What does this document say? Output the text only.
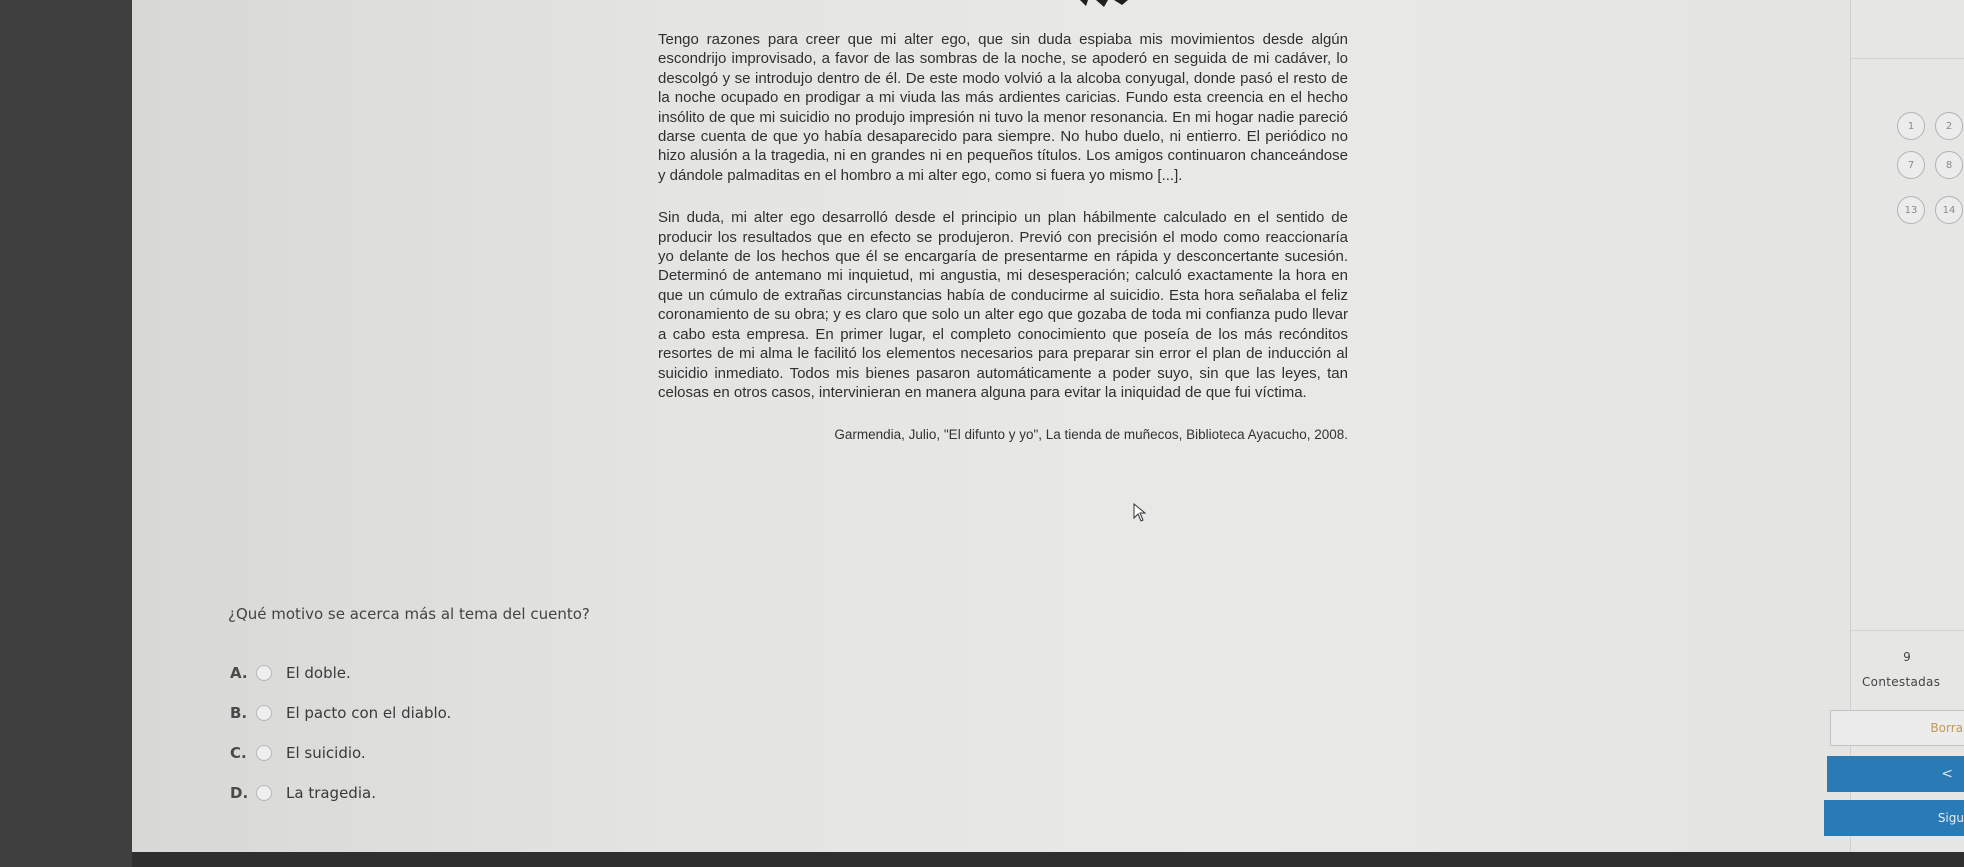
Tengo razones para creer que mi alter ego, que sin duda espiaba mis movimientos desde algún escondrijo improvisado, a favor de las sombras de la noche, se apoderó en seguida de mi cadáver, lo descolgó y se introdujo dentro de él. De este modo volvió a la alcoba conyugal, donde pasó el resto de la noche ocupado en prodigar a mi viuda las más ardientes caricias. Fundo esta creencia en el hecho insólito de que mi suicidio no produjo impresión ni tuvo la menor resonancia. En mi hogar nadie pareció darse cuenta de que yo había desaparecido para siempre. No hubo duelo, ni entierro. El periódico no hizo alusión a la tragedia, ni en grandes ni en pequeños títulos. Los amigos continuaron chanceándose y dándole palmaditas en el hombro a mi alter ego, como si fuera yo mismo [...].

Sin duda, mi alter ego desarrolló desde el principio un plan hábilmente calculado en el sentido de producir los resultados que en efecto se produjeron. Previó con precisión el modo como reaccionaría yo delante de los hechos que él se encargaría de presentarme en rápida y desconcertante sucesión. Determinó de antemano mi inquietud, mi angustia, mi desesperación; calculó exactamente la hora en que un cúmulo de extrañas circunstancias había de conducirme al suicidio. Esta hora señalaba el feliz coronamiento de su obra; y es claro que solo un alter ego que gozaba de toda mi confianza pudo llevar a cabo esta empresa. En primer lugar, el completo conocimiento que poseía de los más recónditos resortes de mi alma le facilitó los elementos necesarios para preparar sin error el plan de inducción al suicidio inmediato. Todos mis bienes pasaron automáticamente a poder suyo, sin que las leyes, tan celosas en otros casos, intervinieran en manera alguna para evitar la iniquidad de que fui víctima.

Garmendia, Julio, "El difunto y yo", La tienda de muñecos, Biblioteca Ayacucho, 2008.
¿Qué motivo se acerca más al tema del cuento?
A.	El doble.
B.	El pacto con el diablo.
C.	El suicidio.
D.	La tragedia.
1	2
7	8
13	14
9
Contestadas
Borra
<
Sigu
